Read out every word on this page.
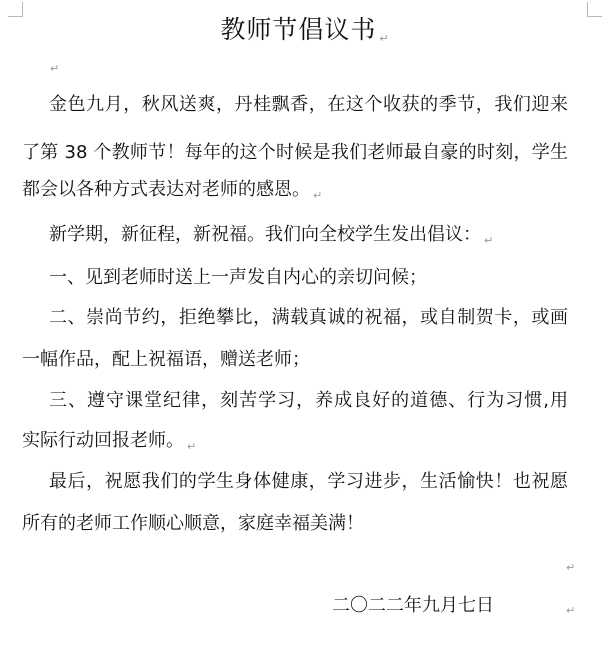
教师节倡议书 ↵
↵
金色九月，秋风送爽，丹桂飘香，在这个收获的季节，我们迎来
了第 38 个教师节！每年的这个时候是我们老师最自豪的时刻，学生
都会以各种方式表达对老师的感恩。 $_↵$
新学期，新征程，新祝福。我们向全校学生发出倡议： $_↵$
一、见到老师时送上一声发自内心的亲切问候；
二、崇尚节约，拒绝攀比，满载真诚的祝福，或自制贺卡，或画
一幅作品，配上祝福语，赠送老师；
三、遵守课堂纪律，刻苦学习，养成良好的道德、行为习惯,用
实际行动回报老师。 $_↵$
最后，祝愿我们的学生身体健康，学习进步，生活愉快！也祝愿
所有的老师工作顺心顺意，家庭幸福美满！
↵
二〇二二年九月七日	↵
